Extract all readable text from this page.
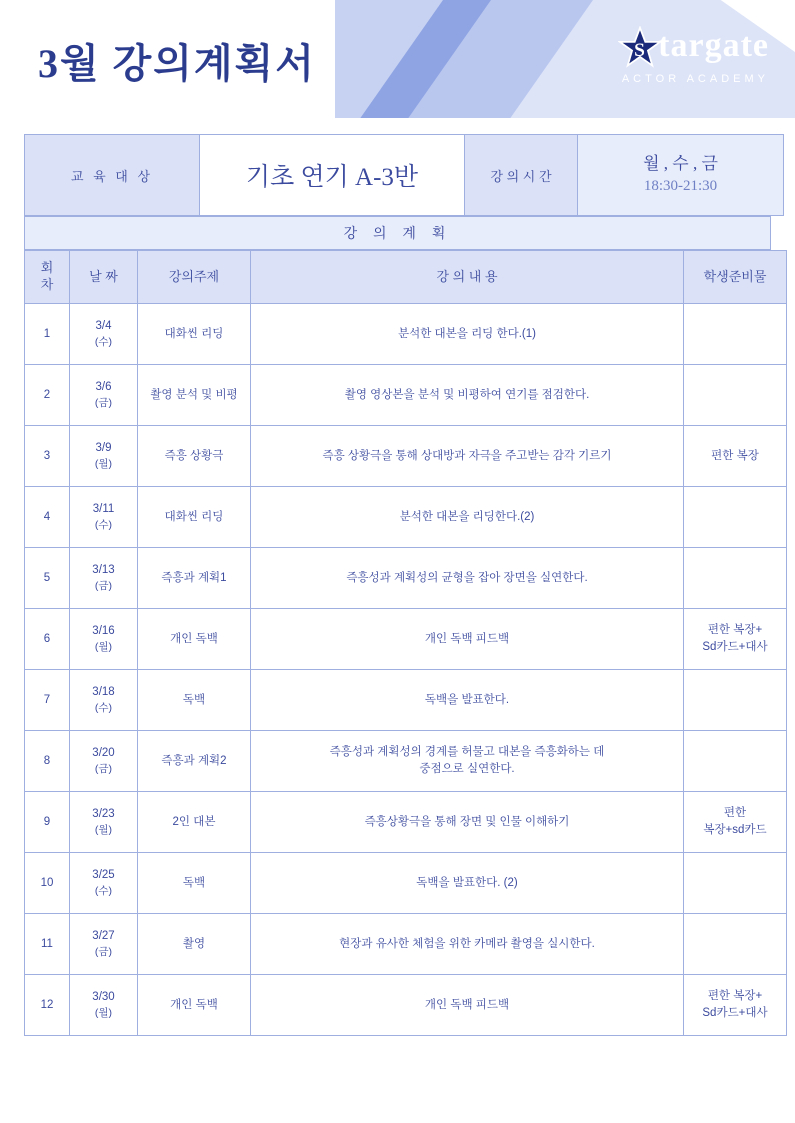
3월 강의계획서	S targate
ACTOR ACADEMY
교 육 대 상	기초 연기 A-3반	강 의 시 간	
월 , 수 , 금
18:30-21:30
강 의 계 획
회
차	날 짜	강의주제	강 의 내 용	학생준비물
1	3/4
(수)	대화씬 리딩	분석한 대본을 리딩 한다.(1)	

2	3/6
(금)	촬영 분석 및 비평	촬영 영상본을 분석 및 비평하여 연기를 점검한다.	

3	3/9
(월)	즉흥 상황극	즉흥 상황극을 통해 상대방과 자극을 주고받는 감각 기르기	편한 복장

4	3/11
(수)	대화씬 리딩	분석한 대본을 리딩한다.(2)	

5	3/13
(금)	즉흥과 계획1	즉흥성과 계획성의 균형을 잡아 장면을 실연한다.	

6	3/16
(월)	개인 독백	개인 독백 피드백	편한 복장+
Sd카드+대사

7	3/18
(수)	독백	독백을 발표한다.	

8	3/20
(금)	즉흥과 계획2	즉흥성과 계획성의 경계를 허물고 대본을 즉흥화하는 데
중점으로 실연한다.	

9	3/23
(월)	2인 대본	즉흥상황극을 통해 장면 및 인물 이해하기	편한
복장+sd카드

10	3/25
(수)	독백	독백을 발표한다. (2)	

11	3/27
(금)	촬영	현장과 유사한 체험을 위한 카메라 촬영을 실시한다.	

12	3/30
(월)	개인 독백	개인 독백 피드백	편한 복장+
Sd카드+대사
